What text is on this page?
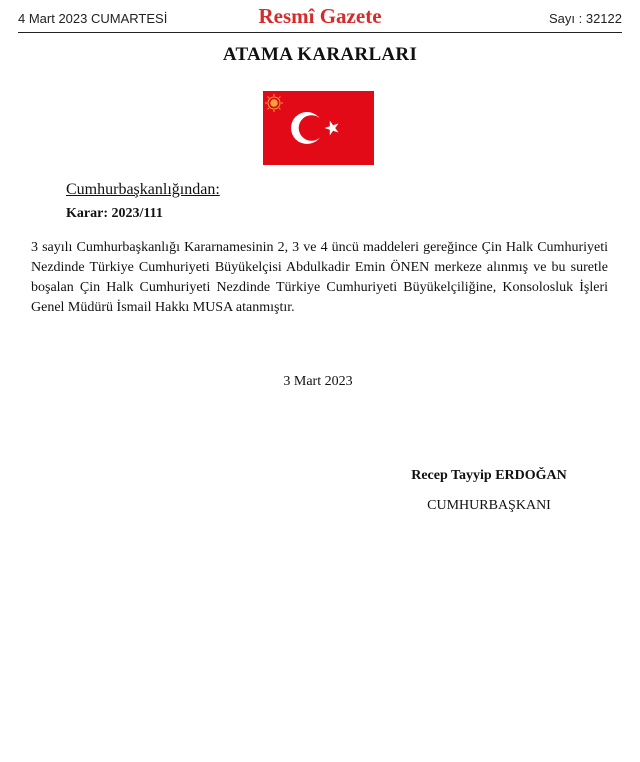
4 Mart 2023 CUMARTESİ	Resmî Gazete	Sayı : 32122
ATAMA KARARLARI
Cumhurbaşkanlığından:
Karar: 2023/111
3 sayılı Cumhurbaşkanlığı Kararnamesinin 2, 3 ve 4 üncü maddeleri gereğince Çin Halk Cumhuriyeti Nezdinde Türkiye Cumhuriyeti Büyükelçisi Abdulkadir Emin ÖNEN merkeze alınmış ve bu suretle boşalan Çin Halk Cumhuriyeti Nezdinde Türkiye Cumhuriyeti Büyükelçiliğine, Konsolosluk İşleri Genel Müdürü İsmail Hakkı MUSA atanmıştır.
3 Mart 2023
Recep Tayyip ERDOĞAN
CUMHURBAŞKANI
